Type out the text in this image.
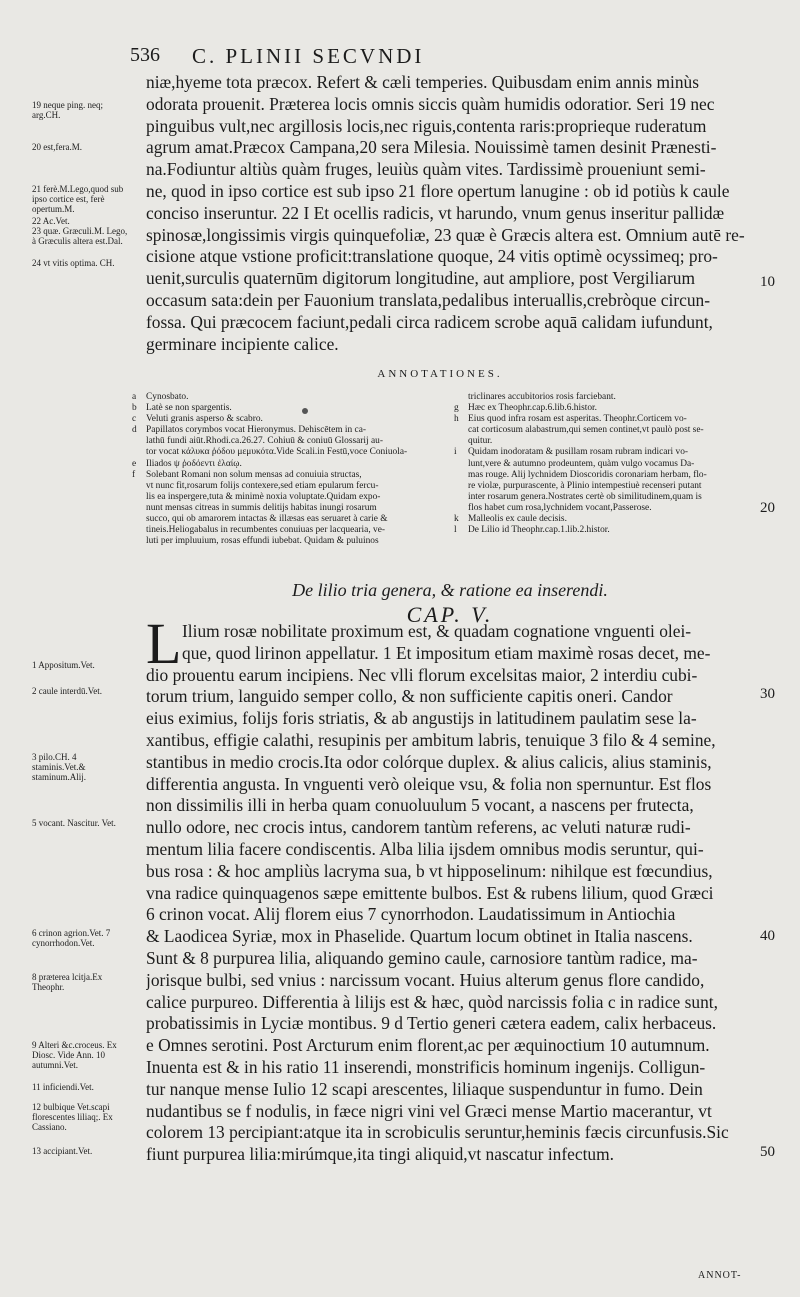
536 C. PLINII SECVNDI
19 neque ping. neq; arg.CH.
20 est,fera.M.
21 ferè.M.Lego,quod sub ipso cortice est, ferè opertum.M.
22 Ac.Vet.
23 quæ. Græculi.M. Lego, à Græculis altera est.Dal.
24 vt vitis optima. CH.
niæ,hyeme tota præcox. Refert & cæli temperies. Quibusdam enim annis minùs
odorata prouenit. Præterea locis omnis siccis quàm humidis odoratior. Seri 19 nec
pinguibus vult,nec argillosis locis,nec riguis,contenta raris:proprieque ruderatum
agrum amat.Præcox Campana,20 sera Milesia. Nouissimè tamen desinit Prænesti-
na.Fodiuntur altiùs quàm fruges, leuiùs quàm vites. Tardissimè proueniunt semi-
ne, quod in ipso cortice est sub ipso 21 flore opertum lanugine : ob id potiùs k caule
conciso inseruntur. 22 I Et ocellis radicis, vt harundo, vnum genus inseritur pallidæ
spinosæ,longissimis virgis quinquefoliæ, 23 quæ è Græcis altera est. Omnium autē re-
cisione atque vstione proficit:translatione quoque, 24 vitis optimè ocyssimeq; pro-
uenit,surculis quaternūm digitorum longitudine, aut ampliore, post Vergiliarum
occasum sata:dein per Fauonium translata,pedalibus interuallis,crebròque circun-
fossa. Qui præcocem faciunt,pedali circa radicem scrobe aquā calidam iufundunt,
germinare incipiente calice.
10
ANNOTATIONES.
a Cynosbato.
b Latè se non spargentis.
c Veluti granis asperso & scabro.
d Papillatos corymbos vocat Hieronymus. Dehiscētem in ca-
lathū fundi aiūt.Rhodi.ca.26.27. Cohiuū & coniuū Glossarij au-
tor vocat κάλυκα ῥόδου μεμυκότα.Vide Scali.in Festū,voce Coniuola-
e Iliados ψ ῥοδόεντι ἐλαίῳ.
f Solebant Romani non solum mensas ad conuiuia structas,
vt nunc fit,rosarum folijs contexere,sed etiam epularum fercu-
lis ea inspergere,tuta & minimè noxia voluptate.Quidam expo-
nunt mensas citreas in summis delitijs habitas inungi rosarum
succo, qui ob amarorem intactas & illæsas eas seruaret à carie &
tineis.Heliogabalus in recumbentes conuiuas per lacquearia, ve-
luti per impluuium, rosas effundi iubebat. Quidam & puluinos
triclinares accubitorios rosis farciebant.
g Hæc ex Theophr.cap.6.lib.6.histor.
h Eius quod infra rosam est asperitas. Theophr.Corticem vo-
cat corticosum alabastrum,qui semen continet,vt paulò post se-
quitur.
i Quidam inodoratam & pusillam rosam rubram indicari vo-
lunt,vere & autumno prodeuntem, quàm vulgo vocamus Da-
mas rouge. Alij lychnidem Dioscoridis coronariam herbam, flo-
re violæ, purpurascente, à Plinio intempestiuè recenseri putant
inter rosarum genera.Nostrates certè ob similitudinem,quam is
flos habet cum rosa,lychnidem vocant,Passerose.
k Malleolis ex caule decisis.
l De Lilio id Theophr.cap.1.lib.2.histor.
20
De lilio tria genera, & ratione ea inserendi.
CAP. V.
L
1 Appositum.Vet.
2 caule interdū.Vet.
3 pilo.CH. 4 staminis.Vet.& staminum.Alij.
5 vocant. Nascitur. Vet.
6 crinon agrion.Vet. 7 cynorrhodon.Vet.
8 præterea lcitja.Ex Theophr.
9 Alteri &c.croceus. Ex Diosc. Vide Ann. 10 autumni.Vet.
11 inficiendi.Vet.
12 bulbique Vet.scapi florescentes liliaq;. Ex Cassiano.
13 accipiant.Vet.
Ilium rosæ nobilitate proximum est, & quadam cognatione vnguenti olei-
que, quod lirinon appellatur. 1 Et impositum etiam maximè rosas decet, me-
dio prouentu earum incipiens. Nec vlli florum excelsitas maior, 2 interdiu cubi-
torum trium, languido semper collo, & non sufficiente capitis oneri. Candor
eius eximius, folijs foris striatis, & ab angustijs in latitudinem paulatim sese la-
xantibus, effigie calathi, resupinis per ambitum labris, tenuique 3 filo & 4 semine,
stantibus in medio crocis.Ita odor colórque duplex. & alius calicis, alius staminis,
differentia angusta. In vnguenti verò oleique vsu, & folia non spernuntur. Est flos
non dissimilis illi in herba quam conuoluulum 5 vocant, a nascens per frutecta,
nullo odore, nec crocis intus, candorem tantùm referens, ac veluti naturæ rudi-
mentum lilia facere condiscentis. Alba lilia ijsdem omnibus modis seruntur, qui-
bus rosa : & hoc ampliùs lacryma sua, b vt hipposelinum: nihilque est fœcundius,
vna radice quinquagenos sæpe emittente bulbos. Est & rubens lilium, quod Græci
6 crinon vocat. Alij florem eius 7 cynorrhodon. Laudatissimum in Antiochia
& Laodicea Syriæ, mox in Phaselide. Quartum locum obtinet in Italia nascens.
Sunt & 8 purpurea lilia, aliquando gemino caule, carnosiore tantùm radice, ma-
jorisque bulbi, sed vnius : narcissum vocant. Huius alterum genus flore candido,
calice purpureo. Differentia à lilijs est & hæc, quòd narcissis folia c in radice sunt,
probatissimis in Lyciæ montibus. 9 d Tertio generi cætera eadem, calix herbaceus.
e Omnes serotini. Post Arcturum enim florent,ac per æquinoctium 10 autumnum.
Inuenta est & in his ratio 11 inserendi, monstrificis hominum ingenijs. Colligun-
tur nanque mense Iulio 12 scapi arescentes, liliaque suspenduntur in fumo. Dein
nudantibus se f nodulis, in fæce nigri vini vel Græci mense Martio macerantur, vt
colorem 13 percipiant:atque ita in scrobiculis seruntur,heminis fæcis circunfusis.Sic
fiunt purpurea lilia:mirúmque,ita tingi aliquid,vt nascatur infectum.
30
40
50
ANNOT-
